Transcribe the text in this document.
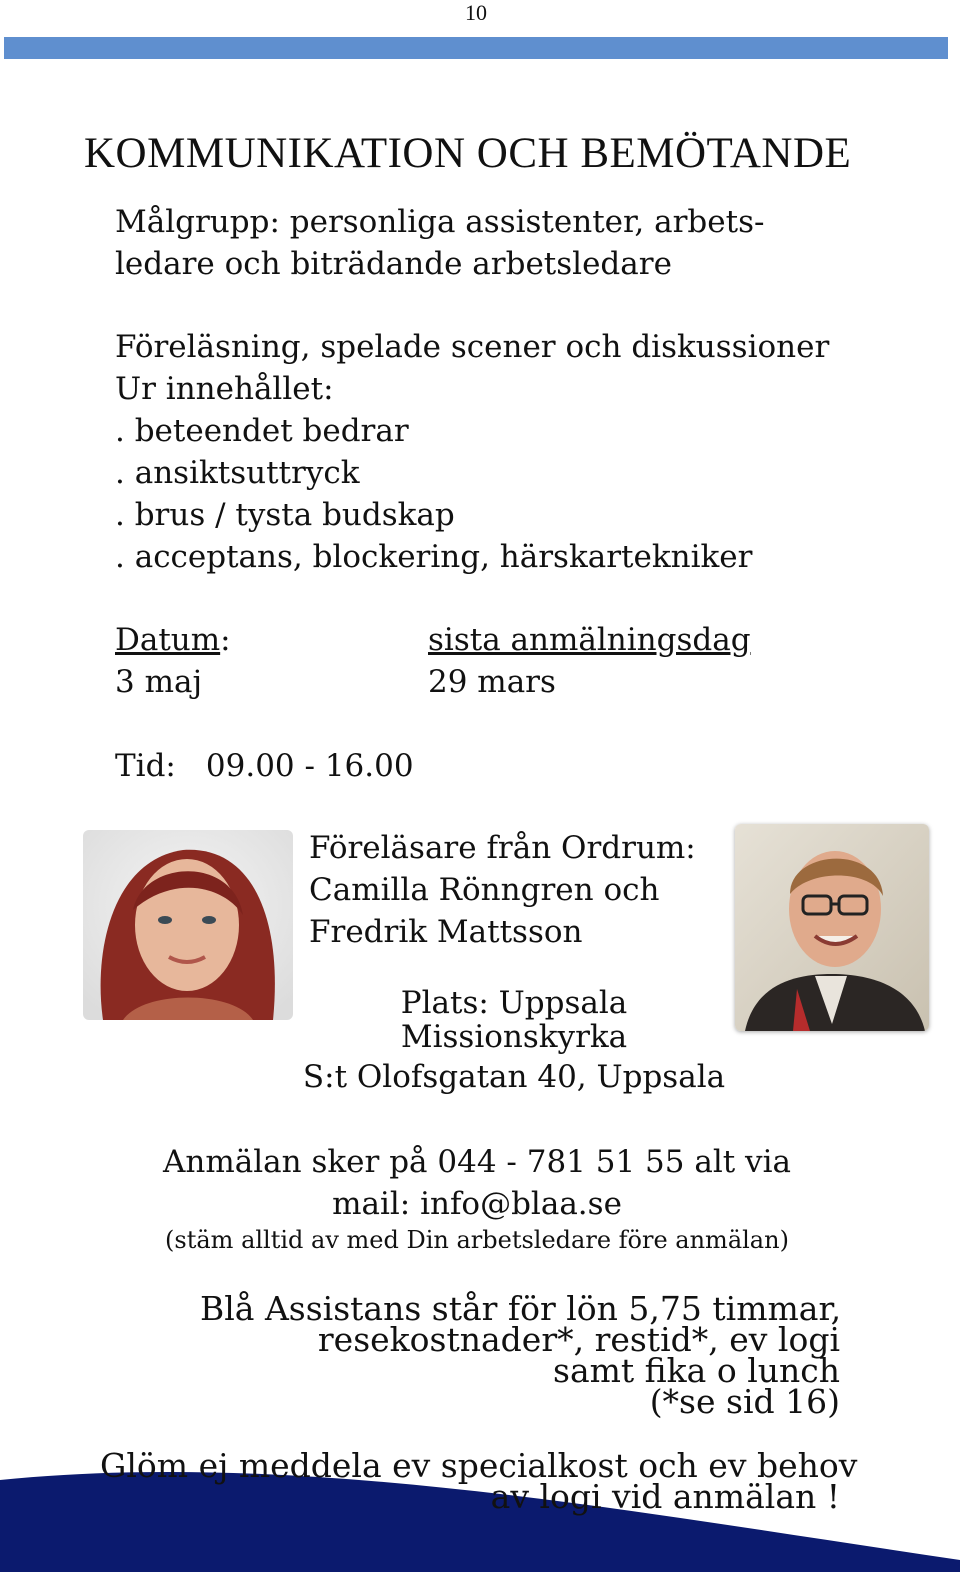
10
KOMMUNIKATION OCH BEMÖTANDE
Målgrupp: personliga assistenter, arbets-
ledare och biträdande arbetsledare
Föreläsning, spelade scener och diskussioner
Ur innehållet:
. beteendet bedrar
. ansiktsuttryck
. brus / tysta budskap
. acceptans, blockering, härskartekniker
Datum:
3 maj
sista anmälningsdag
29 mars
Tid: 09.00 - 16.00
Föreläsare från Ordrum:
Camilla Rönngren och
Fredrik Mattsson
Plats: Uppsala
Missionskyrka
S:t Olofsgatan 40, Uppsala
Anmälan sker på 044 - 781 51 55 alt via
mail: info@blaa.se
(stäm alltid av med Din arbetsledare före anmälan)
Blå Assistans står för lön 5,75 timmar,
resekostnader*, restid*, ev logi
samt fika o lunch
(*se sid 16)
Glöm ej meddela ev specialkost och ev behov
av logi vid anmälan !
